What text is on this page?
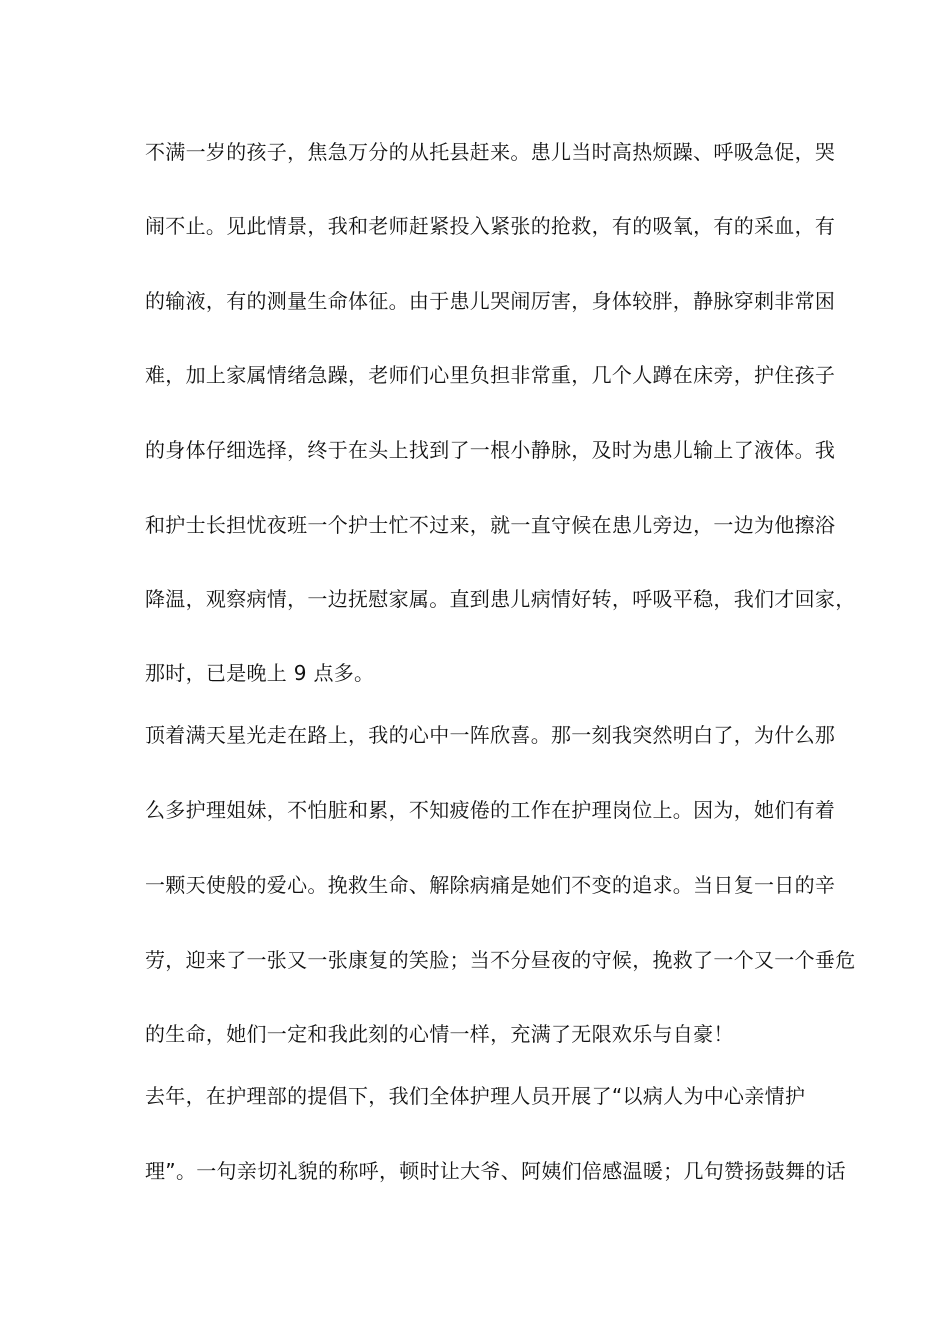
不满一岁的孩子，焦急万分的从托县赶来。患儿当时高热烦躁、呼吸急促，哭
闹不止。见此情景，我和老师赶紧投入紧张的抢救，有的吸氧，有的采血，有
的输液，有的测量生命体征。由于患儿哭闹厉害，身体较胖，静脉穿刺非常困
难，加上家属情绪急躁，老师们心里负担非常重，几个人蹲在床旁，护住孩子
的身体仔细选择，终于在头上找到了一根小静脉，及时为患儿输上了液体。我
和护士长担忧夜班一个护士忙不过来，就一直守候在患儿旁边，一边为他擦浴
降温，观察病情，一边抚慰家属。直到患儿病情好转，呼吸平稳，我们才回家，
那时，已是晚上 9 点多。
顶着满天星光走在路上，我的心中一阵欣喜。那一刻我突然明白了，为什么那
么多护理姐妹，不怕脏和累，不知疲倦的工作在护理岗位上。因为，她们有着
一颗天使般的爱心。挽救生命、解除病痛是她们不变的追求。当日复一日的辛
劳，迎来了一张又一张康复的笑脸；当不分昼夜的守候，挽救了一个又一个垂危
的生命，她们一定和我此刻的心情一样，充满了无限欢乐与自豪！
去年，在护理部的提倡下，我们全体护理人员开展了“以病人为中心亲情护
理”。一句亲切礼貌的称呼，顿时让大爷、阿姨们倍感温暖；几句赞扬鼓舞的话
